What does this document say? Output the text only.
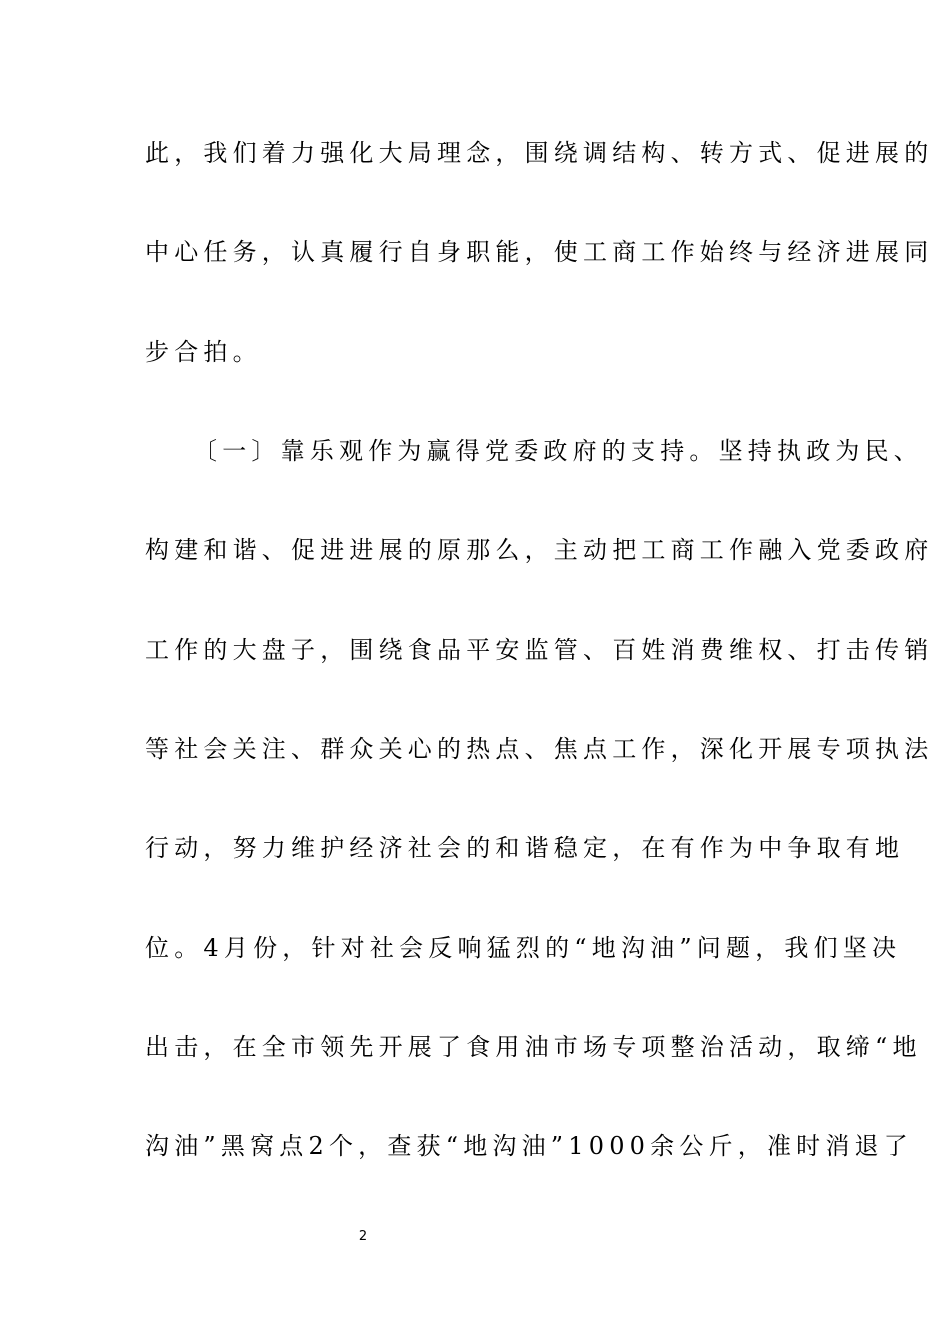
此，我们着力强化大局理念，围绕调结构、转方式、促进展的
中心任务，认真履行自身职能，使工商工作始终与经济进展同
步合拍。
〔一〕靠乐观作为赢得党委政府的支持。坚持执政为民、
构建和谐、促进进展的原那么，主动把工商工作融入党委政府
工作的大盘子，围绕食品平安监管、百姓消费维权、打击传销
等社会关注、群众关心的热点、焦点工作，深化开展专项执法
行动，努力维护经济社会的和谐稳定，在有作为中争取有地
位。4月份，针对社会反响猛烈的“地沟油”问题，我们坚决
出击，在全市领先开展了食用油市场专项整治活动，取缔“地
沟油”黑窝点2个，查获“地沟油”1000余公斤，准时消退了
2
